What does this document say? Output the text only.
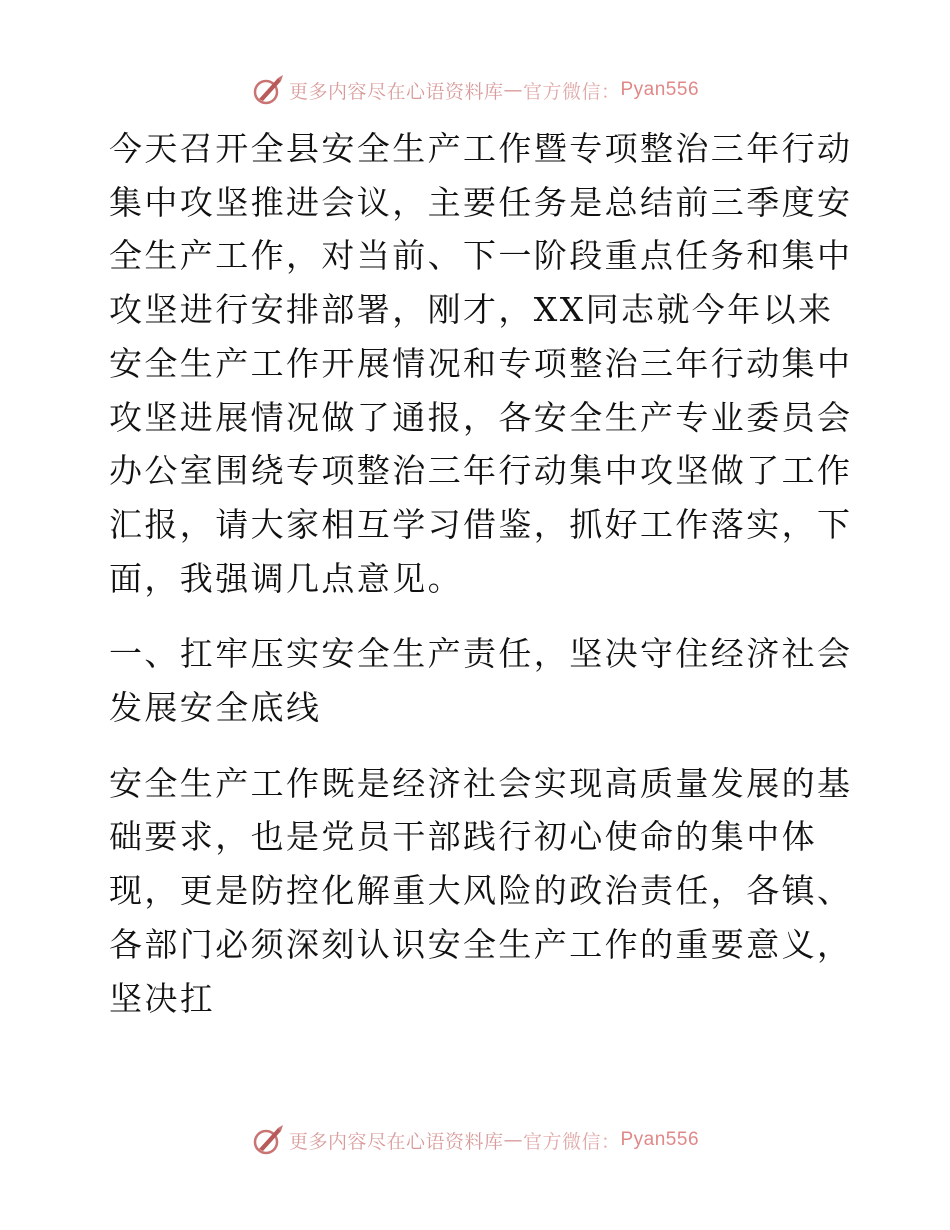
更多内容尽在心语资料库 — 官方微信： Pyan556

今天召开全县安全生产工作暨专项整治三年行动集中攻坚推进会议，主要任务是总结前三季度安全生产工作，对当前、下一阶段重点任务和集中攻坚进行安排部署，刚才，XX同志就今年以来安全生产工作开展情况和专项整治三年行动集中攻坚进展情况做了通报，各安全生产专业委员会办公室围绕专项整治三年行动集中攻坚做了工作汇报，请大家相互学习借鉴，抓好工作落实，下面，我强调几点意见。

一、扛牢压实安全生产责任，坚决守住经济社会发展安全底线

安全生产工作既是经济社会实现高质量发展的基础要求，也是党员干部践行初心使命的集中体现，更是防控化解重大风险的政治责任，各镇、各部门必须深刻认识安全生产工作的重要意义，坚决扛

更多内容尽在心语资料库 — 官方微信： Pyan556
